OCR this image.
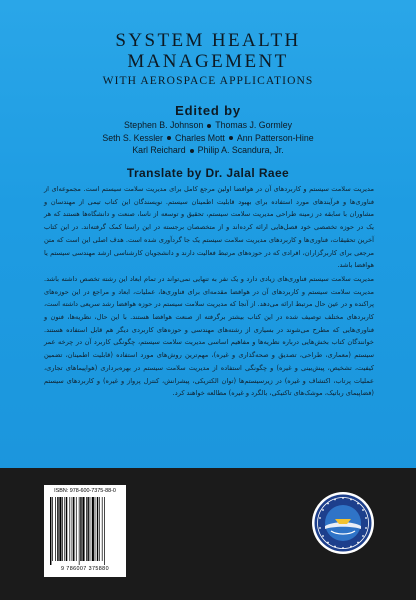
SYSTEM HEALTH
MANAGEMENT
WITH AEROSPACE APPLICATIONS
Edited by
Stephen B. Johnson Thomas J. Gormley
Seth S. Kessler Charles Mott Ann Patterson-Hine
Karl Reichard Philip A. Scandura, Jr.
Translate by Dr. Jalal Raee

مدیریت سلامت سیستم و کاربردهای آن در هوافضا اولین مرجع کامل برای مدیریت سلامت سیستم است. مجموعه‌ای از فناوری‌ها و فرآیندهای مورد استفاده برای بهبود قابلیت اطمینان سیستم. نویسندگان این کتاب تیمی از مهندسان و مشاوران با سابقه در زمینه طراحی مدیریت سلامت سیستم، تحقیق و توسعه از ناسا، صنعت و دانشگاه‌ها هستند که هر یک در حوزه تخصصی خود فصل‌هایی ارائه کرده‌اند و از متخصصان برجسته در این راستا کمک گرفته‌اند. در این کتاب آخرین تحقیقات، فناوری‌ها و کاربردهای مدیریت سلامت سیستم یک جا گردآوری شده است. هدف اصلی این است که متن مرجعی برای کاربرگزاران، افرادی که در حوزه‌های مرتبط فعالیت دارند و دانشجویان کارشناسی ارشد مهندسی سیستم یا هوافضا باشد.

مدیریت سلامت سیستم فناوری‌های زیادی دارد و یک نفر به تنهایی نمی‌تواند در تمام ابعاد این رشته تخصص داشته باشد. مدیریت سلامت سیستم و کاربردهای آن در هوافضا مقدمه‌ای برای فناوری‌ها، عملیات، ابعاد و مراجع در این حوزه‌های پراکنده و در عین حال مرتبط ارائه می‌دهد. از آنجا که مدیریت سلامت سیستم در حوزه هوافضا رشد سریعی داشته است، کاربردهای مختلف توصیف شده در این کتاب بیشتر برگرفته از صنعت هوافضا هستند. با این حال، نظریه‌ها، فنون و فناوری‌هایی که مطرح می‌شوند در بسیاری از رشته‌های مهندسی و حوزه‌های کاربردی دیگر هم قابل استفاده هستند. خوانندگان کتاب بخش‌هایی درباره نظریه‌ها و مفاهیم اساسی مدیریت سلامت سیستم، چگونگی کاربرد آن در چرخه عمر سیستم (معماری، طراحی، تصدیق و صحه‌گذاری و غیره)، مهم‌ترین روش‌های مورد استفاده (قابلیت اطمینان، تضمین کیفیت، تشخیص، پیش‌بینی و غیره) و چگونگی استفاده از مدیریت سلامت سیستم در بهره‌برداری (هواپیماهای تجاری، عملیات پرتاب، اکتشاف و غیره) در زیرسیستم‌ها (توان الکتریکی، پیشرانش، کنترل پرواز و غیره) و کاربردهای سیستم (فضاپیمای رباتیک، موشک‌های تاکتیکی، بالگرد و غیره) مطالعه خواهند کرد.

ISBN: 978-600-7375-88-0
9 786007 375880
